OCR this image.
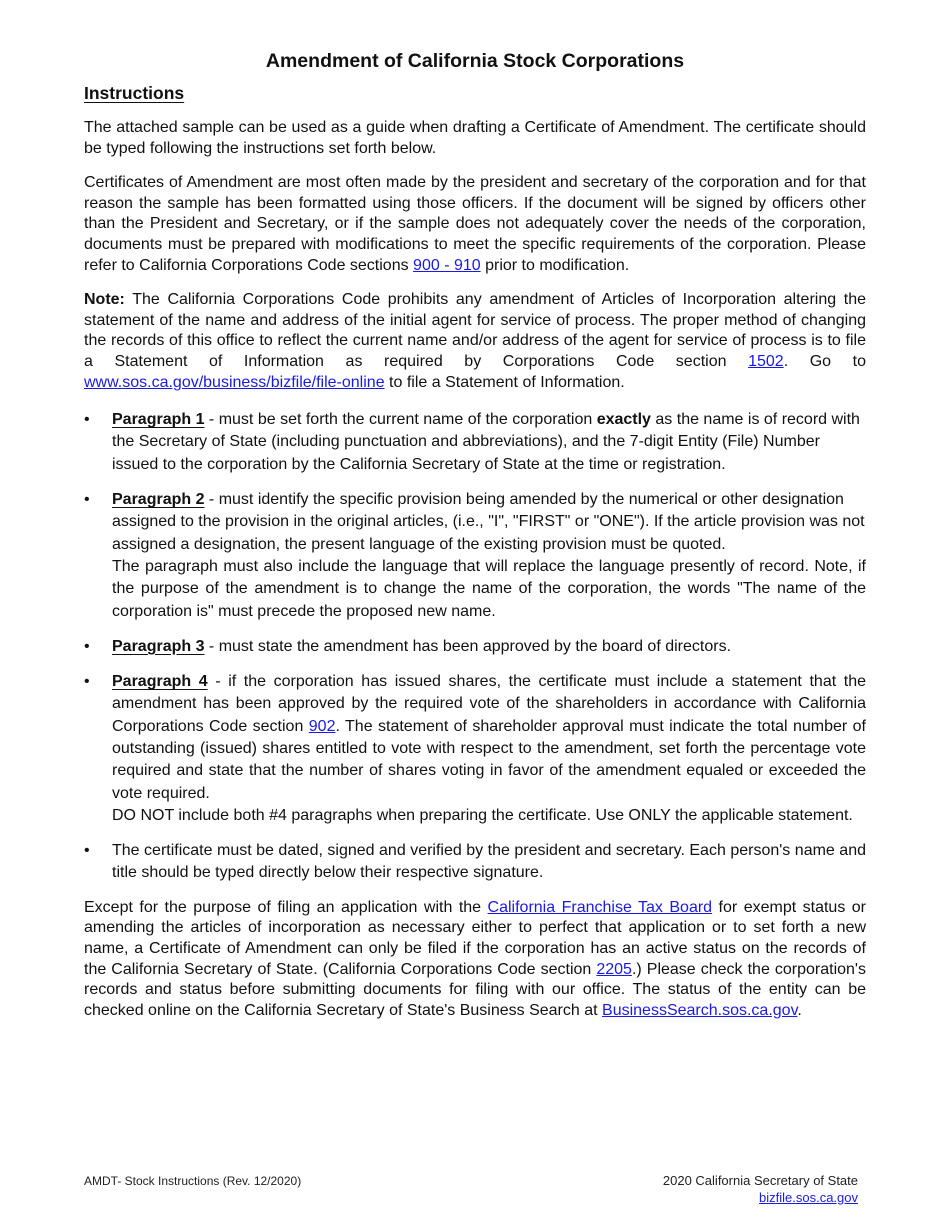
Amendment of California Stock Corporations
Instructions

The attached sample can be used as a guide when drafting a Certificate of Amendment. The certificate should be typed following the instructions set forth below.

Certificates of Amendment are most often made by the president and secretary of the corporation and for that reason the sample has been formatted using those officers. If the document will be signed by officers other than the President and Secretary, or if the sample does not adequately cover the needs of the corporation, documents must be prepared with modifications to meet the specific requirements of the corporation. Please refer to California Corporations Code sections 900 - 910 prior to modification.

Note: The California Corporations Code prohibits any amendment of Articles of Incorporation altering the statement of the name and address of the initial agent for service of process. The proper method of changing the records of this office to reflect the current name and/or address of the agent for service of process is to file a Statement of Information as required by Corporations Code section 1502. Go to www.sos.ca.gov/business/bizfile/file-online to file a Statement of Information.

• Paragraph 1 - must be set forth the current name of the corporation exactly as the name is of record with the Secretary of State (including punctuation and abbreviations), and the 7-digit Entity (File) Number issued to the corporation by the California Secretary of State at the time or registration.
• Paragraph 2 - must identify the specific provision being amended by the numerical or other designation assigned to the provision in the original articles, (i.e., "I", "FIRST" or "ONE"). If the article provision was not assigned a designation, the present language of the existing provision must be quoted.
The paragraph must also include the language that will replace the language presently of record. Note, if the purpose of the amendment is to change the name of the corporation, the words "The name of the corporation is" must precede the proposed new name.
• Paragraph 3 - must state the amendment has been approved by the board of directors.
• Paragraph 4 - if the corporation has issued shares, the certificate must include a statement that the amendment has been approved by the required vote of the shareholders in accordance with California Corporations Code section 902. The statement of shareholder approval must indicate the total number of outstanding (issued) shares entitled to vote with respect to the amendment, set forth the percentage vote required and state that the number of shares voting in favor of the amendment equaled or exceeded the vote required.
DO NOT include both #4 paragraphs when preparing the certificate. Use ONLY the applicable statement.
• The certificate must be dated, signed and verified by the president and secretary. Each person's name and title should be typed directly below their respective signature.

Except for the purpose of filing an application with the California Franchise Tax Board for exempt status or amending the articles of incorporation as necessary either to perfect that application or to set forth a new name, a Certificate of Amendment can only be filed if the corporation has an active status on the records of the California Secretary of State. (California Corporations Code section 2205.) Please check the corporation's records and status before submitting documents for filing with our office. The status of the entity can be checked online on the California Secretary of State's Business Search at BusinessSearch.sos.ca.gov.

AMDT- Stock Instructions (Rev. 12/2020)	2020 California Secretary of State
bizfile.sos.ca.gov
